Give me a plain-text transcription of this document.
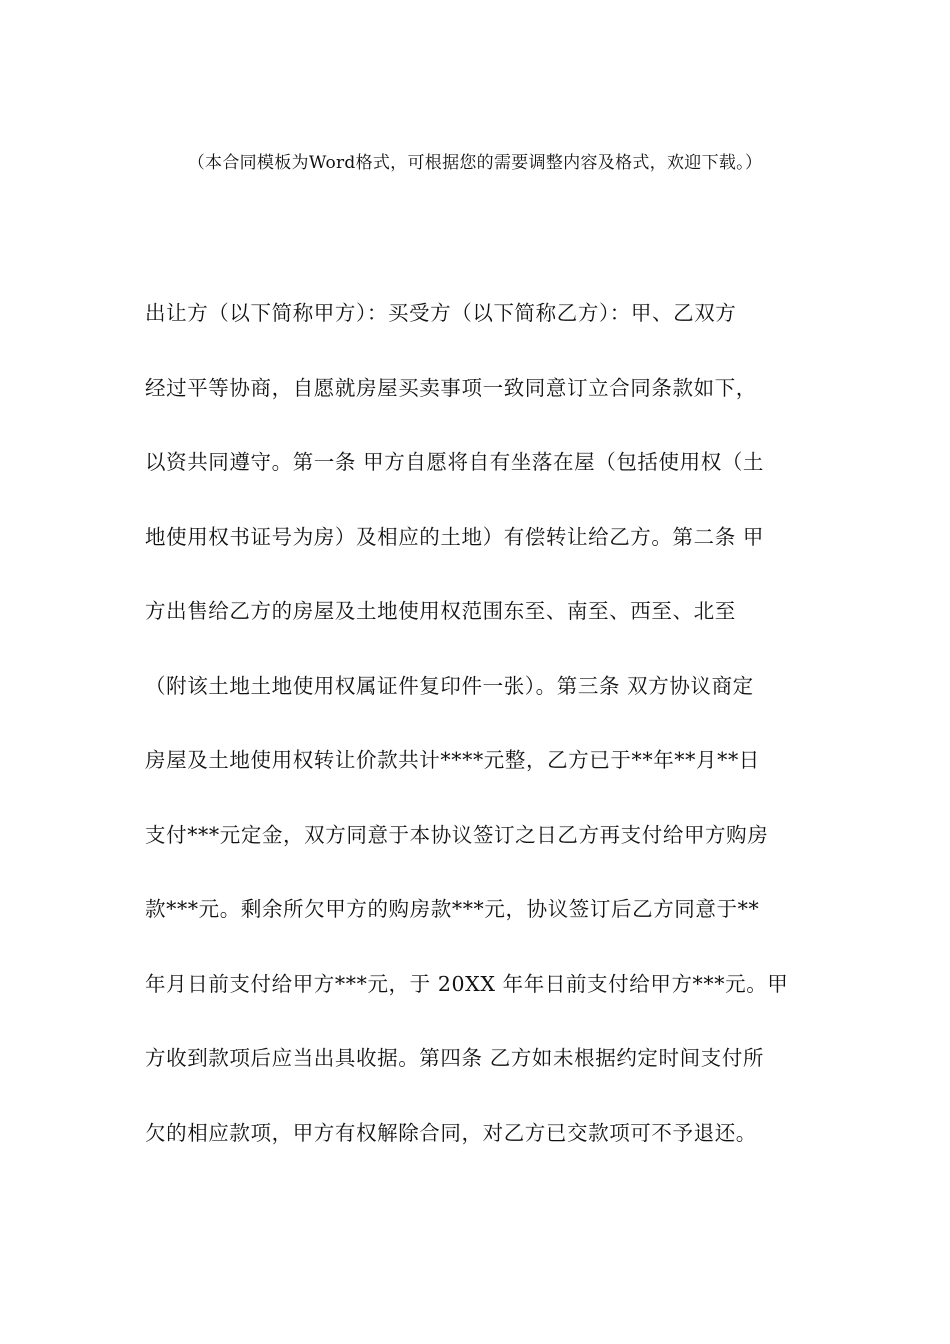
（本合同模板为Word格式，可根据您的需要调整内容及格式，欢迎下载。）
出让方（以下简称甲方）：买受方（以下简称乙方）：甲、乙双方
经过平等协商，自愿就房屋买卖事项一致同意订立合同条款如下，
以资共同遵守。第一条 甲方自愿将自有坐落在屋（包括使用权（土
地使用权书证号为房）及相应的土地）有偿转让给乙方。第二条 甲
方出售给乙方的房屋及土地使用权范围东至、南至、西至、北至
（附该土地土地使用权属证件复印件一张）。第三条 双方协议商定
房屋及土地使用权转让价款共计****元整，乙方已于**年**月**日
支付***元定金，双方同意于本协议签订之日乙方再支付给甲方购房
款***元。剩余所欠甲方的购房款***元，协议签订后乙方同意于**
年月日前支付给甲方***元，于 20XX 年年日前支付给甲方***元。甲
方收到款项后应当出具收据。第四条 乙方如未根据约定时间支付所
欠的相应款项，甲方有权解除合同，对乙方已交款项可不予退还。
